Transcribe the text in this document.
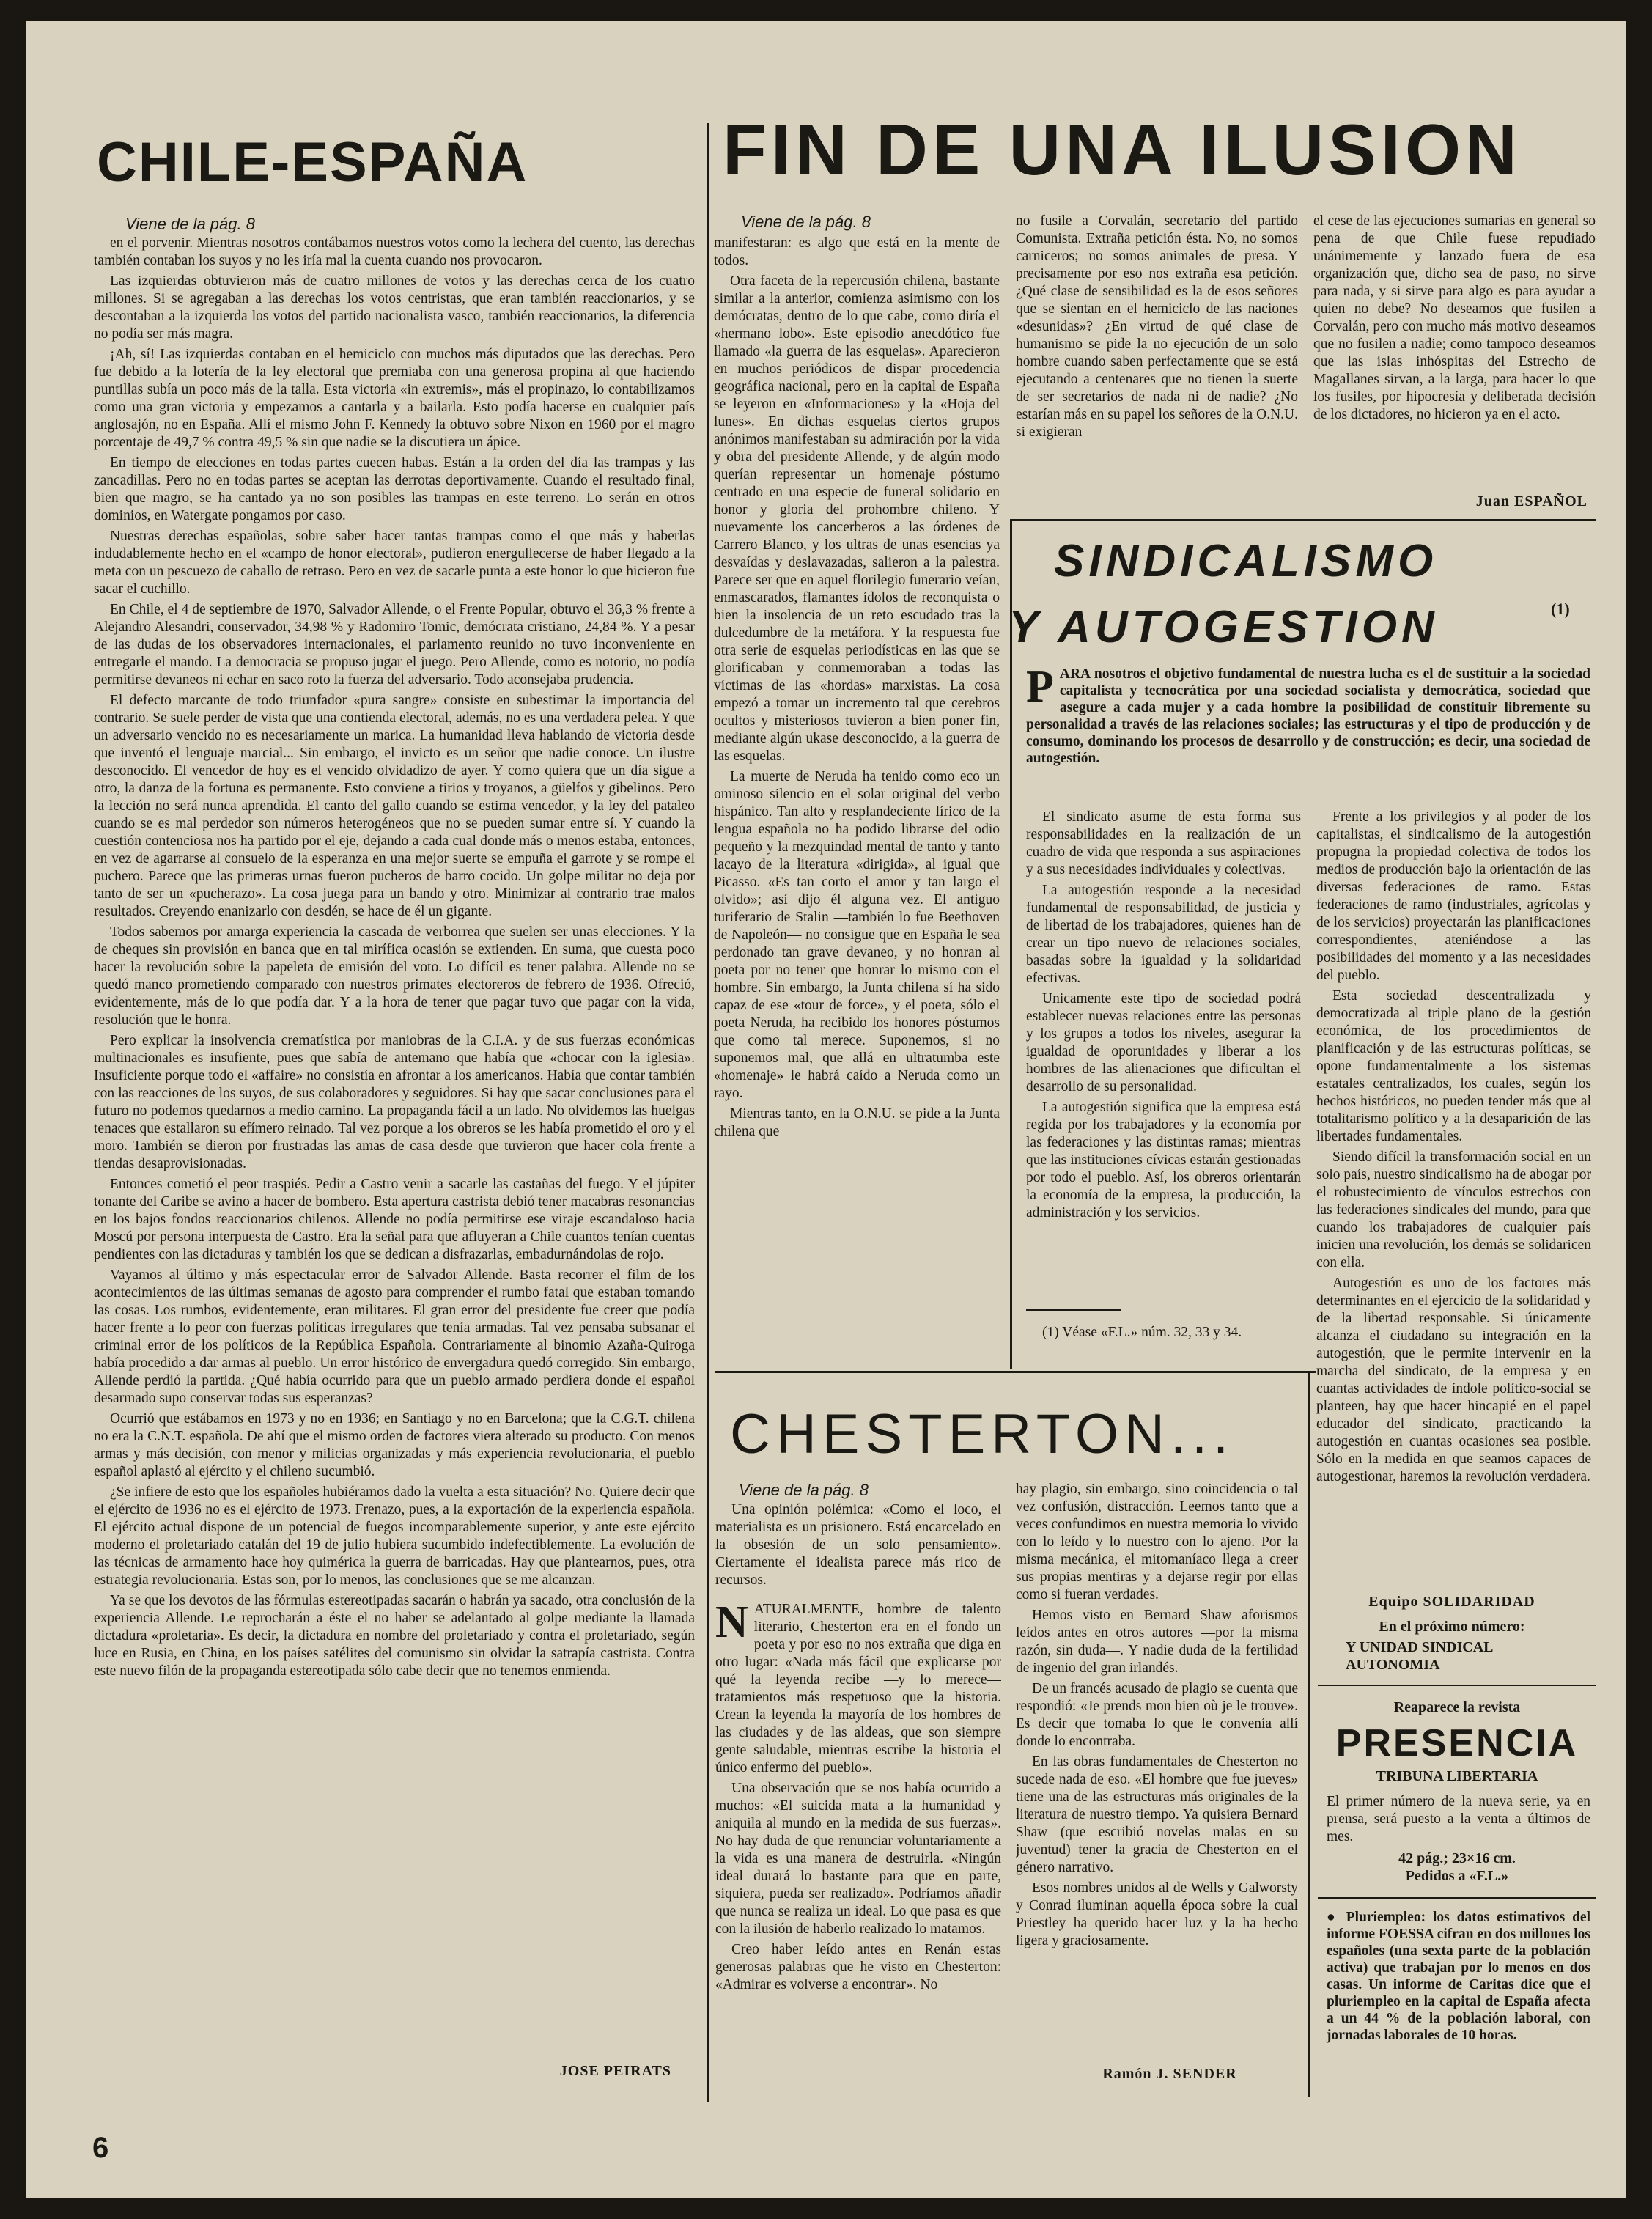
CHILE-ESPAÑA
Viene de la pág. 8

en el porvenir. Mientras nosotros contábamos nuestros votos como la lechera del cuento, las derechas también contaban los suyos y no les iría mal la cuenta cuando nos provocaron.

Las izquierdas obtuvieron más de cuatro millones de votos y las derechas cerca de los cuatro millones. Si se agregaban a las derechas los votos centristas, que eran también reaccionarios, y se descontaban a la izquierda los votos del partido nacionalista vasco, también reaccionarios, la diferencia no podía ser más magra.

¡Ah, sí! Las izquierdas contaban en el hemiciclo con muchos más diputados que las derechas. Pero fue debido a la lotería de la ley electoral que premiaba con una generosa propina al que haciendo puntillas subía un poco más de la talla. Esta victoria «in extremis», más el propinazo, lo contabilizamos como una gran victoria y empezamos a cantarla y a bailarla. Esto podía hacerse en cualquier país anglosajón, no en España. Allí el mismo John F. Kennedy la obtuvo sobre Nixon en 1960 por el magro porcentaje de 49,7 % contra 49,5 % sin que nadie se la discutiera un ápice.

En tiempo de elecciones en todas partes cuecen habas. Están a la orden del día las trampas y las zancadillas. Pero no en todas partes se aceptan las derrotas deportivamente. Cuando el resultado final, bien que magro, se ha cantado ya no son posibles las trampas en este terreno. Lo serán en otros dominios, en Watergate pongamos por caso.

Nuestras derechas españolas, sobre saber hacer tantas trampas como el que más y haberlas indudablemente hecho en el «campo de honor electoral», pudieron energullecerse de haber llegado a la meta con un pescuezo de caballo de retraso. Pero en vez de sacarle punta a este honor lo que hicieron fue sacar el cuchillo.

En Chile, el 4 de septiembre de 1970, Salvador Allende, o el Frente Popular, obtuvo el 36,3 % frente a Alejandro Alesandri, conservador, 34,98 % y Radomiro Tomic, demócrata cristiano, 24,84 %. Y a pesar de las dudas de los observadores internacionales, el parlamento reunido no tuvo inconveniente en entregarle el mando. La democracia se propuso jugar el juego. Pero Allende, como es notorio, no podía permitirse devaneos ni echar en saco roto la fuerza del adversario. Todo aconsejaba prudencia.

El defecto marcante de todo triunfador «pura sangre» consiste en subestimar la importancia del contrario. Se suele perder de vista que una contienda electoral, además, no es una verdadera pelea. Y que un adversario vencido no es necesariamente un marica. La humanidad lleva hablando de victoria desde que inventó el lenguaje marcial... Sin embargo, el invicto es un señor que nadie conoce. Un ilustre desconocido. El vencedor de hoy es el vencido olvidadizo de ayer. Y como quiera que un día sigue a otro, la danza de la fortuna es permanente. Esto conviene a tirios y troyanos, a güelfos y gibelinos. Pero la lección no será nunca aprendida. El canto del gallo cuando se estima vencedor, y la ley del pataleo cuando se es mal perdedor son números heterogéneos que no se pueden sumar entre sí. Y cuando la cuestión contenciosa nos ha partido por el eje, dejando a cada cual donde más o menos estaba, entonces, en vez de agarrarse al consuelo de la esperanza en una mejor suerte se empuña el garrote y se rompe el puchero. Parece que las primeras urnas fueron pucheros de barro cocido. Un golpe militar no deja por tanto de ser un «pucherazo». La cosa juega para un bando y otro. Minimizar al contrario trae malos resultados. Creyendo enanizarlo con desdén, se hace de él un gigante.

Todos sabemos por amarga experiencia la cascada de verborrea que suelen ser unas elecciones. Y la de cheques sin provisión en banca que en tal mirífica ocasión se extienden. En suma, que cuesta poco hacer la revolución sobre la papeleta de emisión del voto. Lo difícil es tener palabra. Allende no se quedó manco prometiendo comparado con nuestros primates electoreros de febrero de 1936. Ofreció, evidentemente, más de lo que podía dar. Y a la hora de tener que pagar tuvo que pagar con la vida, resolución que le honra.

Pero explicar la insolvencia crematística por maniobras de la C.I.A. y de sus fuerzas económicas multinacionales es insufiente, pues que sabía de antemano que había que «chocar con la iglesia». Insuficiente porque todo el «affaire» no consistía en afrontar a los americanos. Había que contar también con las reacciones de los suyos, de sus colaboradores y seguidores. Si hay que sacar conclusiones para el futuro no podemos quedarnos a medio camino. La propaganda fácil a un lado. No olvidemos las huelgas tenaces que estallaron su efímero reinado. Tal vez porque a los obreros se les había prometido el oro y el moro. También se dieron por frustradas las amas de casa desde que tuvieron que hacer cola frente a tiendas desaprovisionadas.

Entonces cometió el peor traspiés. Pedir a Castro venir a sacarle las castañas del fuego. Y el júpiter tonante del Caribe se avino a hacer de bombero. Esta apertura castrista debió tener macabras resonancias en los bajos fondos reaccionarios chilenos. Allende no podía permitirse ese viraje escandaloso hacia Moscú por persona interpuesta de Castro. Era la señal para que afluyeran a Chile cuantos tenían cuentas pendientes con las dictaduras y también los que se dedican a disfrazarlas, embadurnándolas de rojo.

Vayamos al último y más espectacular error de Salvador Allende. Basta recorrer el film de los acontecimientos de las últimas semanas de agosto para comprender el rumbo fatal que estaban tomando las cosas. Los rumbos, evidentemente, eran militares. El gran error del presidente fue creer que podía hacer frente a lo peor con fuerzas políticas irregulares que tenía armadas. Tal vez pensaba subsanar el criminal error de los políticos de la República Española. Contrariamente al binomio Azaña-Quiroga había procedido a dar armas al pueblo. Un error histórico de envergadura quedó corregido. Sin embargo, Allende perdió la partida. ¿Qué había ocurrido para que un pueblo armado perdiera donde el español desarmado supo conservar todas sus esperanzas?

Ocurrió que estábamos en 1973 y no en 1936; en Santiago y no en Barcelona; que la C.G.T. chilena no era la C.N.T. española. De ahí que el mismo orden de factores viera alterado su producto. Con menos armas y más decisión, con menor y milicias organizadas y más experiencia revolucionaria, el pueblo español aplastó al ejército y el chileno sucumbió.

¿Se infiere de esto que los españoles hubiéramos dado la vuelta a esta situación? No. Quiere decir que el ejército de 1936 no es el ejército de 1973. Frenazo, pues, a la exportación de la experiencia española. El ejército actual dispone de un potencial de fuegos incomparablemente superior, y ante este ejército moderno el proletariado catalán del 19 de julio hubiera sucumbido indefectiblemente. La evolución de las técnicas de armamento hace hoy quimérica la guerra de barricadas. Hay que plantearnos, pues, otra estrategia revolucionaria. Estas son, por lo menos, las conclusiones que se me alcanzan.

Ya se que los devotos de las fórmulas estereotipadas sacarán o habrán ya sacado, otra conclusión de la experiencia Allende. Le reprocharán a éste el no haber se adelantado al golpe mediante la llamada dictadura «proletaria». Es decir, la dictadura en nombre del proletariado y contra el proletariado, según luce en Rusia, en China, en los países satélites del comunismo sin olvidar la satrapía castrista. Contra este nuevo filón de la propaganda estereotipada sólo cabe decir que no tenemos enmienda.

JOSE PEIRATS
6
FIN DE UNA ILUSION
Viene de la pág. 8

manifestaran: es algo que está en la mente de todos.

Otra faceta de la repercusión chilena, bastante similar a la anterior, comienza asimismo con los demócratas, dentro de lo que cabe, como diría el «hermano lobo». Este episodio anecdótico fue llamado «la guerra de las esquelas». Aparecieron en muchos periódicos de dispar procedencia geográfica nacional, pero en la capital de España se leyeron en «Informaciones» y la «Hoja del lunes». En dichas esquelas ciertos grupos anónimos manifestaban su admiración por la vida y obra del presidente Allende, y de algún modo querían representar un homenaje póstumo centrado en una especie de funeral solidario en honor y gloria del prohombre chileno. Y nuevamente los cancerberos a las órdenes de Carrero Blanco, y los ultras de unas esencias ya desvaídas y deslavazadas, salieron a la palestra. Parece ser que en aquel florilegio funerario veían, enmascarados, flamantes ídolos de reconquista o bien la insolencia de un reto escudado tras la dulcedumbre de la metáfora. Y la respuesta fue otra serie de esquelas periodísticas en las que se glorificaban y conmemoraban a todas las víctimas de las «hordas» marxistas. La cosa empezó a tomar un incremento tal que cerebros ocultos y misteriosos tuvieron a bien poner fin, mediante algún ukase desconocido, a la guerra de las esquelas.

La muerte de Neruda ha tenido como eco un ominoso silencio en el solar original del verbo hispánico. Tan alto y resplandeciente lírico de la lengua española no ha podido librarse del odio pequeño y la mezquindad mental de tanto y tanto lacayo de la literatura «dirigida», al igual que Picasso. «Es tan corto el amor y tan largo el olvido»; así dijo él alguna vez. El antiguo turiferario de Stalin —también lo fue Beethoven de Napoleón— no consigue que en España le sea perdonado tan grave devaneo, y no honran al poeta por no tener que honrar lo mismo con el hombre. Sin embargo, la Junta chilena sí ha sido capaz de ese «tour de force», y el poeta, sólo el poeta Neruda, ha recibido los honores póstumos que como tal merece. Suponemos, si no suponemos mal, que allá en ultratumba este «homenaje» le habrá caído a Neruda como un rayo.

Mientras tanto, en la O.N.U. se pide a la Junta chilena que

no fusile a Corvalán, secretario del partido Comunista. Extraña petición ésta. No, no somos carniceros; no somos animales de presa. Y precisamente por eso nos extraña esa petición. ¿Qué clase de sensibilidad es la de esos señores que se sientan en el hemiciclo de las naciones «desunidas»? ¿En virtud de qué clase de humanismo se pide la no ejecución de un solo hombre cuando saben perfectamente que se está ejecutando a centenares que no tienen la suerte de ser secretarios de nada ni de nadie? ¿No estarían más en su papel los señores de la O.N.U. si exigieran

el cese de las ejecuciones sumarias en general so pena de que Chile fuese repudiado unánimemente y lanzado fuera de esa organización que, dicho sea de paso, no sirve para nada, y si sirve para algo es para ayudar a quien no debe? No deseamos que fusilen a Corvalán, pero con mucho más motivo deseamos que no fusilen a nadie; como tampoco deseamos que las islas inhóspitas del Estrecho de Magallanes sirvan, a la larga, para hacer lo que los fusiles, por hipocresía y deliberada decisión de los dictadores, no hicieron ya en el acto.

Juan ESPAÑOL
SINDICALISMO
Y AUTOGESTION	(1)
P ARA nosotros el objetivo fundamental de nuestra lucha es el de sustituir a la sociedad capitalista y tecnocrática por una sociedad socialista y democrática, sociedad que asegure a cada mujer y a cada hombre la posibilidad de constituir libremente su personalidad a través de las relaciones sociales; las estructuras y el tipo de producción y de consumo, dominando los procesos de desarrollo y de construcción; es decir, una sociedad de autogestión.

El sindicato asume de esta forma sus responsabilidades en la realización de un cuadro de vida que responda a sus aspiraciones y a sus necesidades individuales y colectivas.

La autogestión responde a la necesidad fundamental de responsabilidad, de justicia y de libertad de los trabajadores, quienes han de crear un tipo nuevo de relaciones sociales, basadas sobre la igualdad y la solidaridad efectivas.

Unicamente este tipo de sociedad podrá establecer nuevas relaciones entre las personas y los grupos a todos los niveles, asegurar la igualdad de oporunidades y liberar a los hombres de las alienaciones que dificultan el desarrollo de su personalidad.

La autogestión significa que la empresa está regida por los trabajadores y la economía por las federaciones y las distintas ramas; mientras que las instituciones cívicas estarán gestionadas por todo el pueblo. Así, los obreros orientarán la economía de la empresa, la producción, la administración y los servicios.

(1) Véase «F.L.» núm. 32, 33 y 34.

Frente a los privilegios y al poder de los capitalistas, el sindicalismo de la autogestión propugna la propiedad colectiva de todos los medios de producción bajo la orientación de las diversas federaciones de ramo. Estas federaciones de ramo (industriales, agrícolas y de los servicios) proyectarán las planificaciones correspondientes, ateniéndose a las posibilidades del momento y a las necesidades del pueblo.

Esta sociedad descentralizada y democratizada al triple plano de la gestión económica, de los procedimientos de planificación y de las estructuras políticas, se opone fundamentalmente a los sistemas estatales centralizados, los cuales, según los hechos históricos, no pueden tender más que al totalitarismo político y a la desaparición de las libertades fundamentales.

Siendo difícil la transformación social en un solo país, nuestro sindicalismo ha de abogar por el robustecimiento de vínculos estrechos con las federaciones sindicales del mundo, para que cuando los trabajadores de cualquier país inicien una revolución, los demás se solidaricen con ella.

Autogestión es uno de los factores más determinantes en el ejercicio de la solidaridad y de la libertad responsable. Si únicamente alcanza el ciudadano su integración en la autogestión, que le permite intervenir en la marcha del sindicato, de la empresa y en cuantas actividades de índole político-social se planteen, hay que hacer hincapié en el papel educador del sindicato, practicando la autogestión en cuantas ocasiones sea posible. Sólo en la medida en que seamos capaces de autogestionar, haremos la revolución verdadera.

Equipo SOLIDARIDAD
En el próximo número:
Y UNIDAD SINDICAL
AUTONOMIA
CHESTERTON...
Viene de la pág. 8

Una opinión polémica: «Como el loco, el materialista es un prisionero. Está encarcelado en la obsesión de un solo pensamiento». Ciertamente el idealista parece más rico de recursos.

NATURALMENTE, hombre de talento literario, Chesterton era en el fondo un poeta y por eso no nos extraña que diga en otro lugar: «Nada más fácil que explicarse por qué la leyenda recibe —y lo merece— tratamientos más respetuoso que la historia. Crean la leyenda la mayoría de los hombres de las ciudades y de las aldeas, que son siempre gente saludable, mientras escribe la historia el único enfermo del pueblo».

Una observación que se nos había ocurrido a muchos: «El suicida mata a la humanidad y aniquila al mundo en la medida de sus fuerzas». No hay duda de que renunciar voluntariamente a la vida es una manera de destruirla. «Ningún ideal durará lo bastante para que en parte, siquiera, pueda ser realizado». Podríamos añadir que nunca se realiza un ideal. Lo que pasa es que con la ilusión de haberlo realizado lo matamos.

Creo haber leído antes en Renán estas generosas palabras que he visto en Chesterton: «Admirar es volverse a encontrar». No

hay plagio, sin embargo, sino coincidencia o tal vez confusión, distracción. Leemos tanto que a veces confundimos en nuestra memoria lo vivido con lo leído y lo nuestro con lo ajeno. Por la misma mecánica, el mitomaníaco llega a creer sus propias mentiras y a dejarse regir por ellas como si fueran verdades.

Hemos visto en Bernard Shaw aforismos leídos antes en otros autores —por la misma razón, sin duda—. Y nadie duda de la fertilidad de ingenio del gran irlandés.

De un francés acusado de plagio se cuenta que respondió: «Je prends mon bien où je le trouve». Es decir que tomaba lo que le convenía allí donde lo encontraba.

En las obras fundamentales de Chesterton no sucede nada de eso. «El hombre que fue jueves» tiene una de las estructuras más originales de la literatura de nuestro tiempo. Ya quisiera Bernard Shaw (que escribió novelas malas en su juventud) tener la gracia de Chesterton en el género narrativo.

Esos nombres unidos al de Wells y Galworsty y Conrad iluminan aquella época sobre la cual Priestley ha querido hacer luz y la ha hecho ligera y graciosamente.

Ramón J. SENDER
Reaparece la revista
PRESENCIA
TRIBUNA LIBERTARIA
El primer número de la nueva serie, ya en prensa, será puesto a la venta a últimos de mes.
42 pág.; 23×16 cm.
Pedidos a «F.L.»
● Pluriempleo: los datos estimativos del informe FOESSA cifran en dos millones los españoles (una sexta parte de la población activa) que trabajan por lo menos en dos casas. Un informe de Caritas dice que el pluriempleo en la capital de España afecta a un 44 % de la población laboral, con jornadas laborales de 10 horas.
